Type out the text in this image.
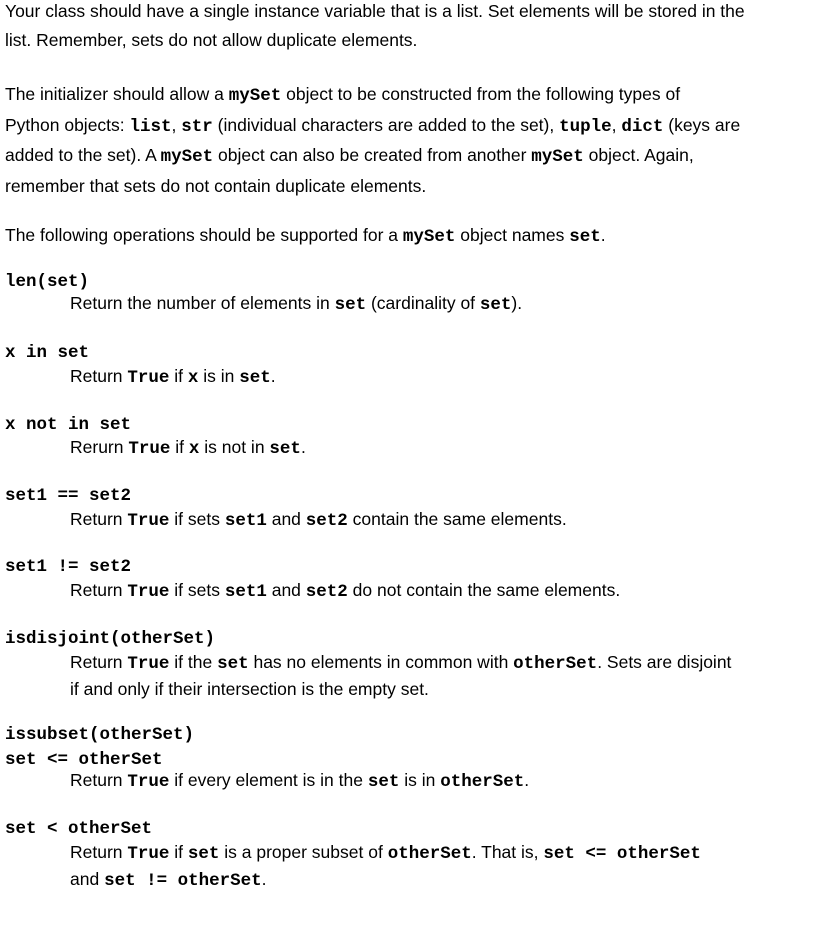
Your class should have a single instance variable that is a list. Set elements will be stored in the
list. Remember, sets do not allow duplicate elements.

The initializer should allow a mySet object to be constructed from the following types of
Python objects: list, str (individual characters are added to the set), tuple, dict (keys are
added to the set). A mySet object can also be created from another mySet object. Again,
remember that sets do not contain duplicate elements.

The following operations should be supported for a mySet object names set.

len(set)
Return the number of elements in set (cardinality of set).
x in set
Return True if x is in set.
x not in set
Rerurn True if x is not in set.
set1 == set2
Return True if sets set1 and set2 contain the same elements.
set1 != set2
Return True if sets set1 and set2 do not contain the same elements.
isdisjoint(otherSet)
Return True if the set has no elements in common with otherSet. Sets are disjoint
if and only if their intersection is the empty set.
issubset(otherSet)
set <= otherSet
Return True if every element is in the set is in otherSet.
set < otherSet
Return True if set is a proper subset of otherSet. That is, set <= otherSet
and set != otherSet.
